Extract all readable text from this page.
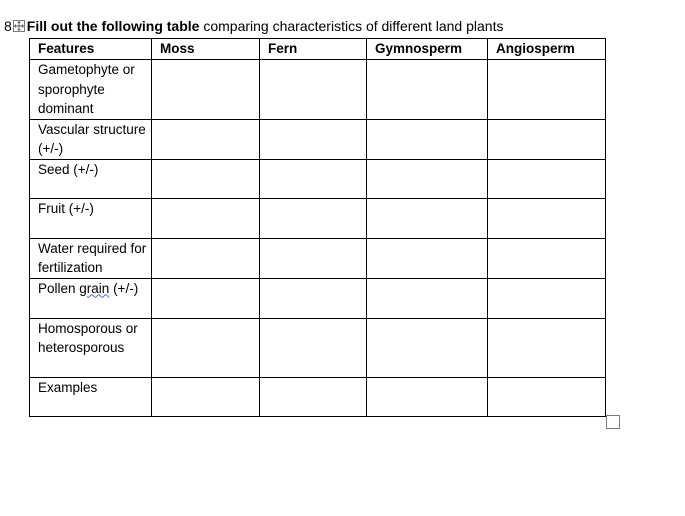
8 Fill out the following table comparing characteristics of different land plants
Features	Moss	Fern	Gymnosperm	Angiosperm
Gametophyte or sporophyte dominant				
Vascular structure (+/-)				
Seed (+/-)				
Fruit (+/-)				
Water required for fertilization				
Pollen grain (+/-)				
Homosporous or heterosporous				
Examples				
